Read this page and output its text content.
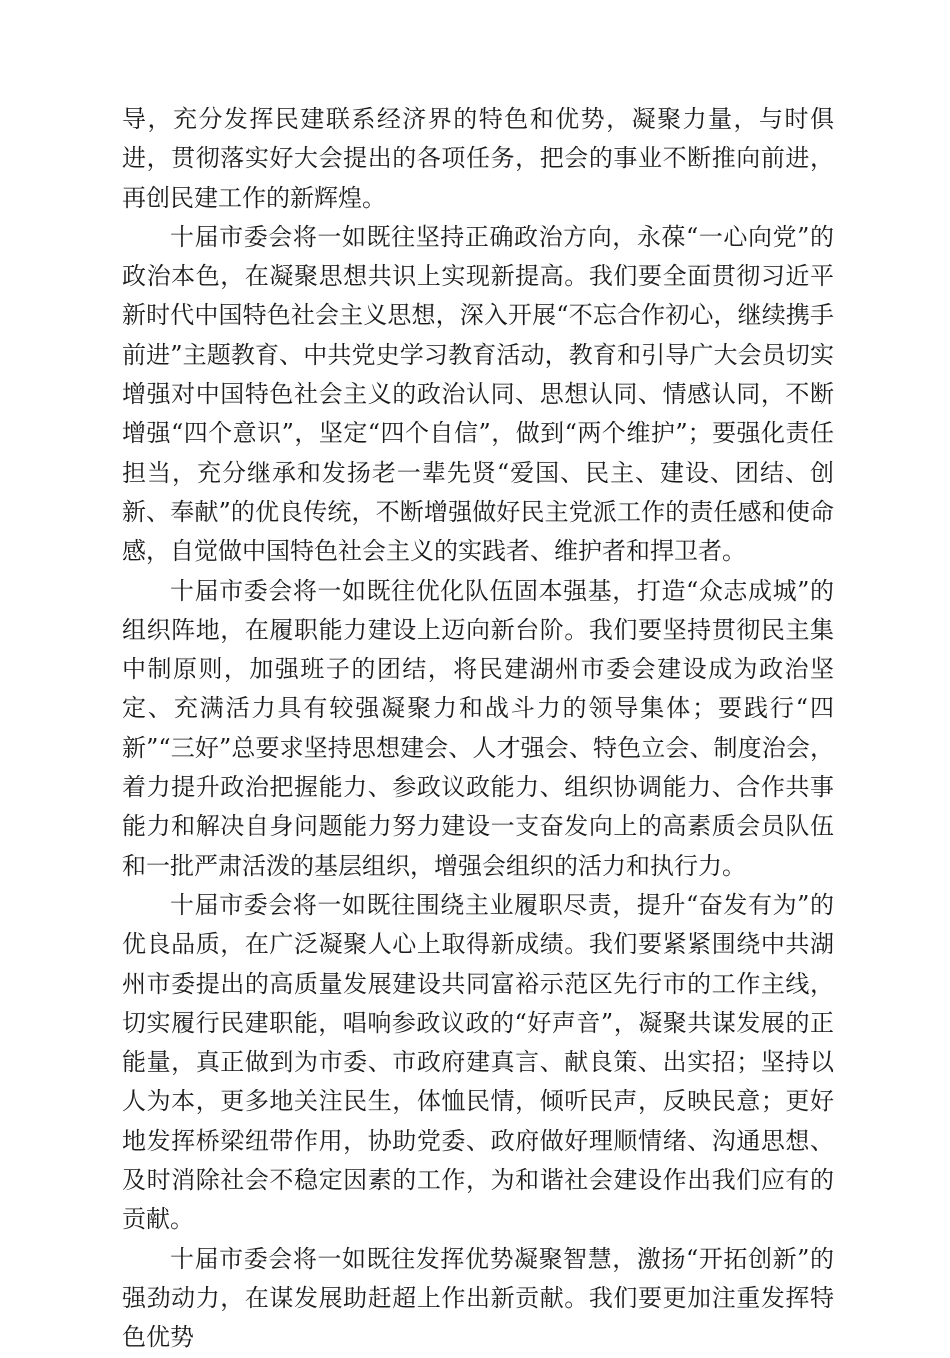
导，充分发挥民建联系经济界的特色和优势，凝聚力量，与时俱进，贯彻落实好大会提出的各项任务，把会的事业不断推向前进，再创民建工作的新辉煌。

十届市委会将一如既往坚持正确政治方向，永葆“一心向党”的政治本色，在凝聚思想共识上实现新提高。我们要全面贯彻习近平新时代中国特色社会主义思想，深入开展“不忘合作初心，继续携手前进”主题教育、中共党史学习教育活动，教育和引导广大会员切实增强对中国特色社会主义的政治认同、思想认同、情感认同，不断增强“四个意识”，坚定“四个自信”，做到“两个维护”；要强化责任担当，充分继承和发扬老一辈先贤“爱国、民主、建设、团结、创新、奉献”的优良传统，不断增强做好民主党派工作的责任感和使命感，自觉做中国特色社会主义的实践者、维护者和捍卫者。

十届市委会将一如既往优化队伍固本强基，打造“众志成城”的组织阵地，在履职能力建设上迈向新台阶。我们要坚持贯彻民主集中制原则，加强班子的团结，将民建湖州市委会建设成为政治坚定、充满活力具有较强凝聚力和战斗力的领导集体；要践行“四新”“三好”总要求坚持思想建会、人才强会、特色立会、制度治会，着力提升政治把握能力、参政议政能力、组织协调能力、合作共事能力和解决自身问题能力努力建设一支奋发向上的高素质会员队伍和一批严肃活泼的基层组织，增强会组织的活力和执行力。

十届市委会将一如既往围绕主业履职尽责，提升“奋发有为”的优良品质，在广泛凝聚人心上取得新成绩。我们要紧紧围绕中共湖州市委提出的高质量发展建设共同富裕示范区先行市的工作主线，切实履行民建职能，唱响参政议政的“好声音”，凝聚共谋发展的正能量，真正做到为市委、市政府建真言、献良策、出实招；坚持以人为本，更多地关注民生，体恤民情，倾听民声，反映民意；更好地发挥桥梁纽带作用，协助党委、政府做好理顺情绪、沟通思想、及时消除社会不稳定因素的工作，为和谐社会建设作出我们应有的贡献。

十届市委会将一如既往发挥优势凝聚智慧，激扬“开拓创新”的强劲动力，在谋发展助赶超上作出新贡献。我们要更加注重发挥特色优势
